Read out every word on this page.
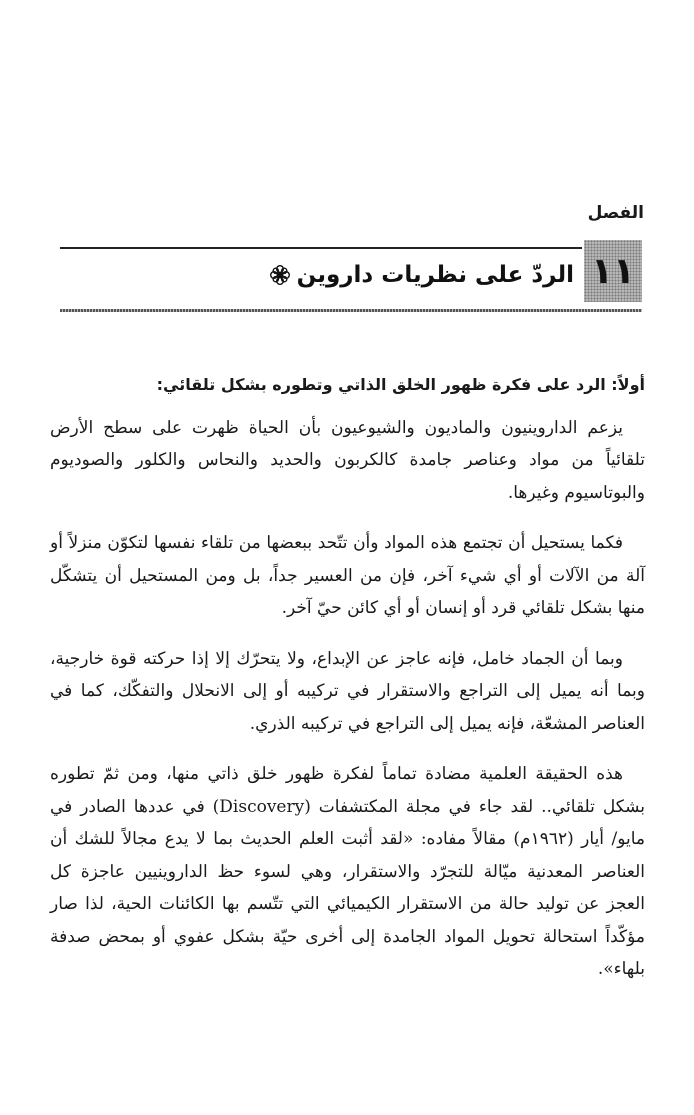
الفصل
١١
الردّ على نظريات داروين
أولاً: الرد على فكرة ظهور الخلق الذاتي وتطوره بشكل تلقائي:

يزعم الداروينيون والماديون والشيوعيون بأن الحياة ظهرت على سطح الأرض تلقائياً من مواد وعناصر جامدة كالكربون والحديد والنحاس والكلور والصوديوم والبوتاسيوم وغيرها.

فكما يستحيل أن تجتمع هذه المواد وأن تتّحد ببعضها من تلقاء نفسها لتكوّن منزلاً أو آلة من الآلات أو أي شيء آخر، فإن من العسير جداً، بل ومن المستحيل أن يتشكّل منها بشكل تلقائي قرد أو إنسان أو أي كائن حيّ آخر.

وبما أن الجماد خامل، فإنه عاجز عن الإبداع، ولا يتحرّك إلا إذا حركته قوة خارجية، وبما أنه يميل إلى التراجع والاستقرار في تركيبه أو إلى الانحلال والتفكّك، كما في العناصر المشعّة، فإنه يميل إلى التراجع في تركيبه الذري.

هذه الحقيقة العلمية مضادة تماماً لفكرة ظهور خلق ذاتي منها، ومن ثمّ تطوره بشكل تلقائي.. لقد جاء في مجلة المكتشفات (Discovery) في عددها الصادر في مايو/ أيار (١٩٦٢م) مقالاً مفاده: «لقد أثبت العلم الحديث بما لا يدع مجالاً للشك أن العناصر المعدنية ميّالة للتجرّد والاستقرار، وهي لسوء حظ الداروينيين عاجزة كل العجز عن توليد حالة من الاستقرار الكيميائي التي تتّسم بها الكائنات الحية، لذا صار مؤكّداً استحالة تحويل المواد الجامدة إلى أخرى حيّة بشكل عفوي أو بمحض صدفة بلهاء».
